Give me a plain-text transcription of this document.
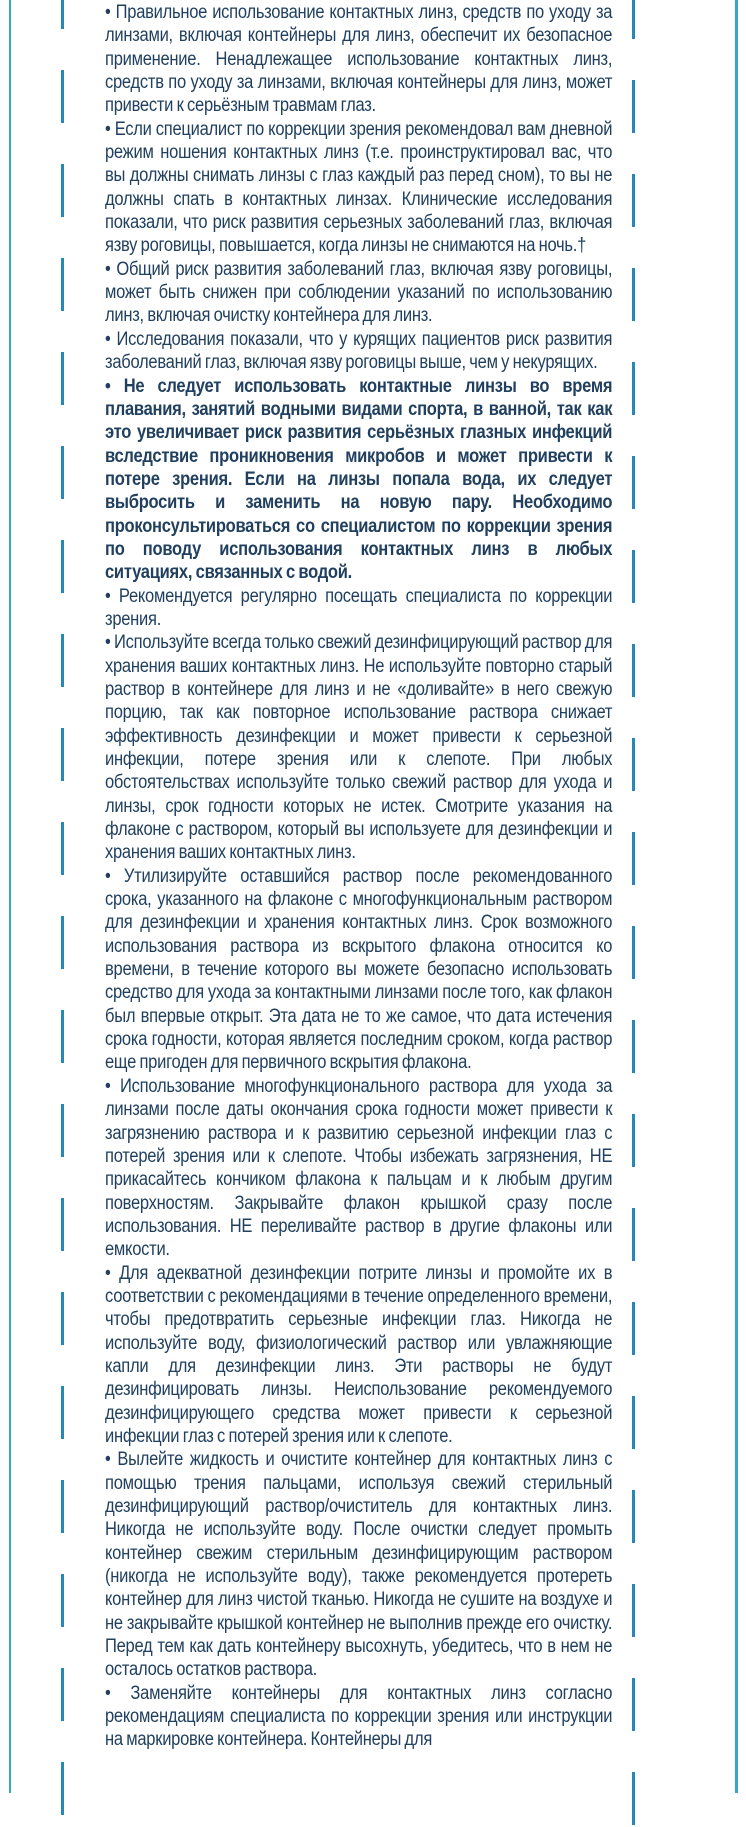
• Правильное использование контактных линз, средств по уходу за линзами, включая контейнеры для линз, обеспечит их безопасное применение. Ненадлежащее использование контактных линз, средств по уходу за линзами, включая контейнеры для линз, может привести к серьёзным травмам глаз.

• Если специалист по коррекции зрения рекомендовал вам дневной режим ношения контактных линз (т.е. проинструктировал вас, что вы должны снимать линзы с глаз каждый раз перед сном), то вы не должны спать в контактных линзах. Клинические исследования показали, что риск развития серьезных заболеваний глаз, включая язву роговицы, повышается, когда линзы не снимаются на ночь.†

• Общий риск развития заболеваний глаз, включая язву роговицы, может быть снижен при соблюдении указаний по использованию линз, включая очистку контейнера для линз.

• Исследования показали, что у курящих пациентов риск развития заболеваний глаз, включая язву роговицы выше, чем у некурящих.

• Не следует использовать контактные линзы во время плавания, занятий водными видами спорта, в ванной, так как это увеличивает риск развития серьёзных глазных инфекций вследствие проникновения микробов и может привести к потере зрения. Если на линзы попала вода, их следует выбросить и заменить на новую пару. Необходимо проконсультироваться со специалистом по коррекции зрения по поводу использования контактных линз в любых ситуациях, связанных с водой.

• Рекомендуется регулярно посещать специалиста по коррекции зрения.

• Используйте всегда только свежий дезинфицирующий раствор для хранения ваших контактных линз. Не используйте повторно старый раствор в контейнере для линз и не «доливайте» в него свежую порцию, так как повторное использование раствора снижает эффективность дезинфекции и может привести к серьезной инфекции, потере зрения или к слепоте. При любых обстоятельствах используйте только свежий раствор для ухода и линзы, срок годности которых не истек. Смотрите указания на флаконе с раствором, который вы используете для дезинфекции и хранения ваших контактных линз.

• Утилизируйте оставшийся раствор после рекомендованного срока, указанного на флаконе с многофункциональным раствором для дезинфекции и хранения контактных линз. Срок возможного использования раствора из вскрытого флакона относится ко времени, в течение которого вы можете безопасно использовать средство для ухода за контактными линзами после того, как флакон был впервые открыт. Эта дата не то же самое, что дата истечения срока годности, которая является последним сроком, когда раствор еще пригоден для первичного вскрытия флакона.

• Использование многофункционального раствора для ухода за линзами после даты окончания срока годности может привести к загрязнению раствора и к развитию серьезной инфекции глаз с потерей зрения или к слепоте. Чтобы избежать загрязнения, НЕ прикасайтесь кончиком флакона к пальцам и к любым другим поверхностям. Закрывайте флакон крышкой сразу после использования. НЕ переливайте раствор в другие флаконы или емкости.

• Для адекватной дезинфекции потрите линзы и промойте их в соответствии с рекомендациями в течение определенного времени, чтобы предотвратить серьезные инфекции глаз. Никогда не используйте воду, физиологический раствор или увлажняющие капли для дезинфекции линз. Эти растворы не будут дезинфицировать линзы. Неиспользование рекомендуемого дезинфицирующего средства может привести к серьезной инфекции глаз с потерей зрения или к слепоте.

• Вылейте жидкость и очистите контейнер для контактных линз с помощью трения пальцами, используя свежий стерильный дезинфицирующий раствор/очиститель для контактных линз. Никогда не используйте воду. После очистки следует промыть контейнер свежим стерильным дезинфицирующим раствором (никогда не используйте воду), также рекомендуется протереть контейнер для линз чистой тканью. Никогда не сушите на воздухе и не закрывайте крышкой контейнер не выполнив прежде его очистку. Перед тем как дать контейнеру высохнуть, убедитесь, что в нем не осталось остатков раствора.

• Заменяйте контейнеры для контактных линз согласно рекомендациям специалиста по коррекции зрения или инструкции на маркировке контейнера. Контейнеры для
